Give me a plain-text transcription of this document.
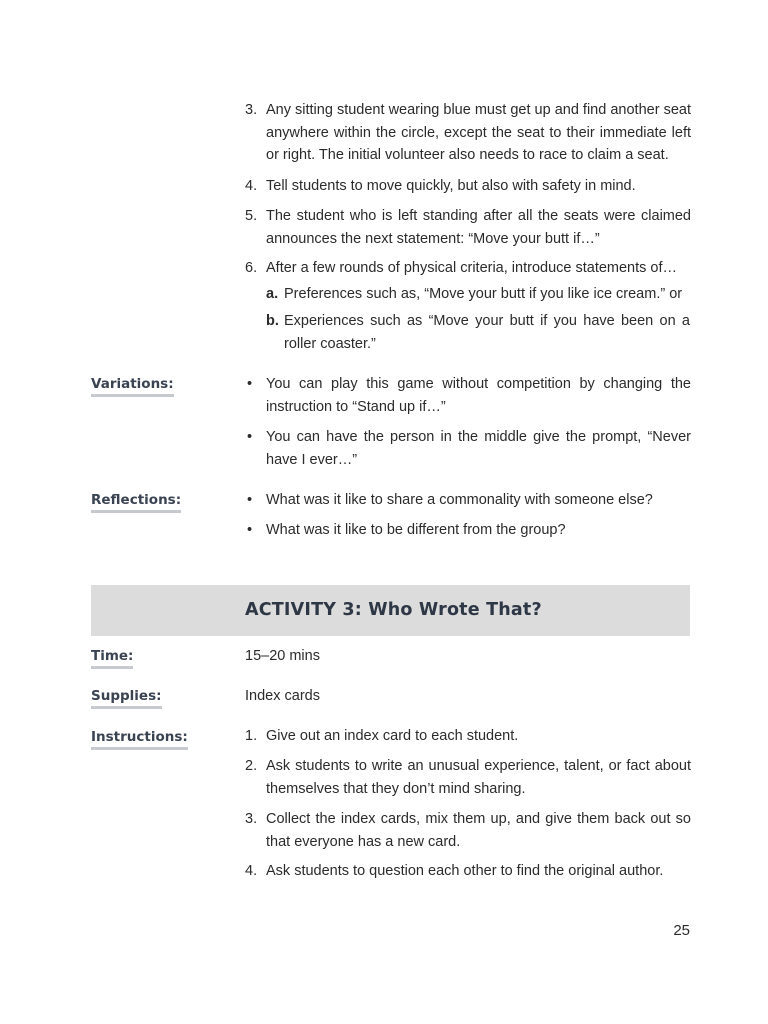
3. Any sitting student wearing blue must get up and find another seat anywhere within the circle, except the seat to their immediate left or right. The initial volunteer also needs to race to claim a seat.
4. Tell students to move quickly, but also with safety in mind.
5. The student who is left standing after all the seats were claimed announces the next statement: “Move your butt if…”
6. After a few rounds of physical criteria, introduce statements of…
a. Preferences such as, “Move your butt if you like ice cream.” or
b. Experiences such as “Move your butt if you have been on a roller coaster.”
Variations:	• You can play this game without competition by changing the instruction to “Stand up if…”
• You can have the person in the middle give the prompt, “Never have I ever…”
Reflections:	• What was it like to share a commonality with someone else?
• What was it like to be different from the group?
ACTIVITY 3: Who Wrote That?
Time:	15–20 mins
Supplies:	Index cards
Instructions:	1. Give out an index card to each student.
2. Ask students to write an unusual experience, talent, or fact about themselves that they don’t mind sharing.
3. Collect the index cards, mix them up, and give them back out so that everyone has a new card.
4. Ask students to question each other to find the original author.
25
